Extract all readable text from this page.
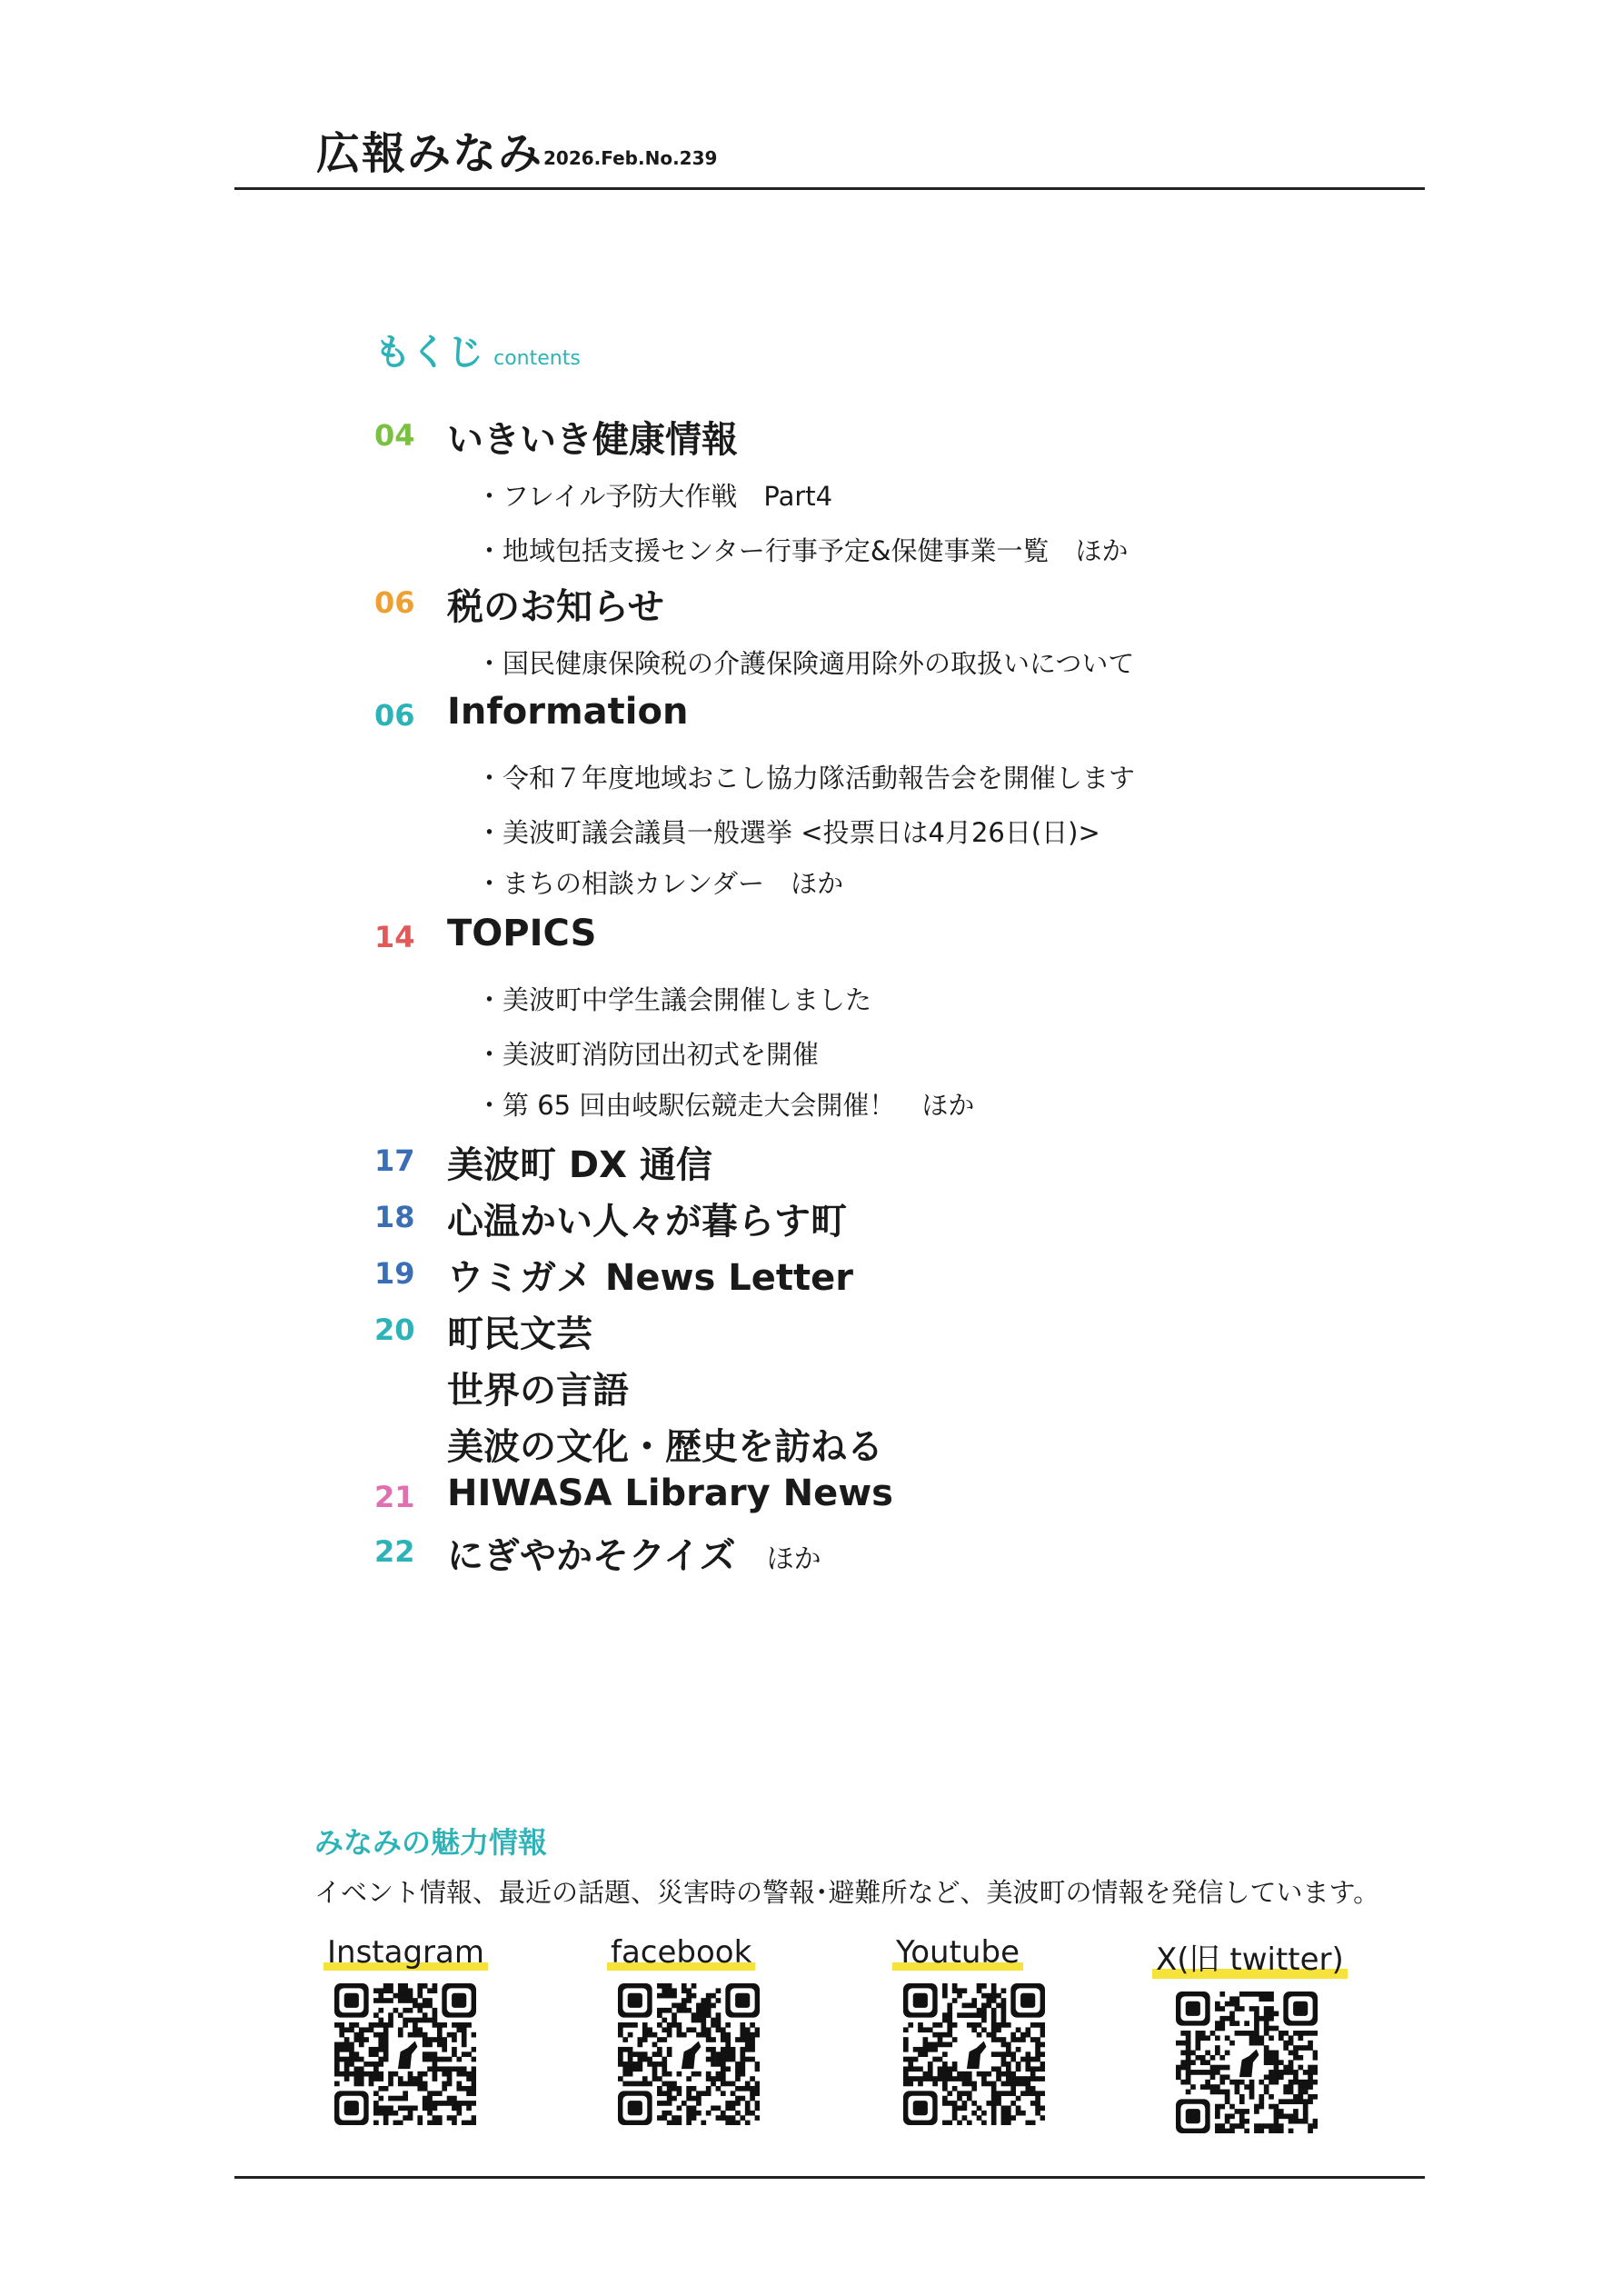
広報みなみ 2026.Feb.No.239
もくじ contents
04 いきいき健康情報
・フレイル予防大作戦　Part4
・地域包括支援センター行事予定&保健事業一覧　ほか
06 税のお知らせ
・国民健康保険税の介護保険適用除外の取扱いについて
06 Information
・令和７年度地域おこし協力隊活動報告会を開催します
・美波町議会議員一般選挙 <投票日は4月26日(日)>
・まちの相談カレンダー　ほか
14 TOPICS
・美波町中学生議会開催しました
・美波町消防団出初式を開催
・第 65 回由岐駅伝競走大会開催！　ほか
17 美波町 DX 通信
18 心温かい人々が暮らす町
19 ウミガメ News Letter
20 町民文芸
世界の言語
美波の文化・歴史を訪ねる
21 HIWASA Library News
22 にぎやかそクイズ ほか
みなみの魅力情報
イベント情報、最近の話題、災害時の警報･避難所など、美波町の情報を発信しています。
Instagram	facebook	Youtube	X(旧 twitter)
